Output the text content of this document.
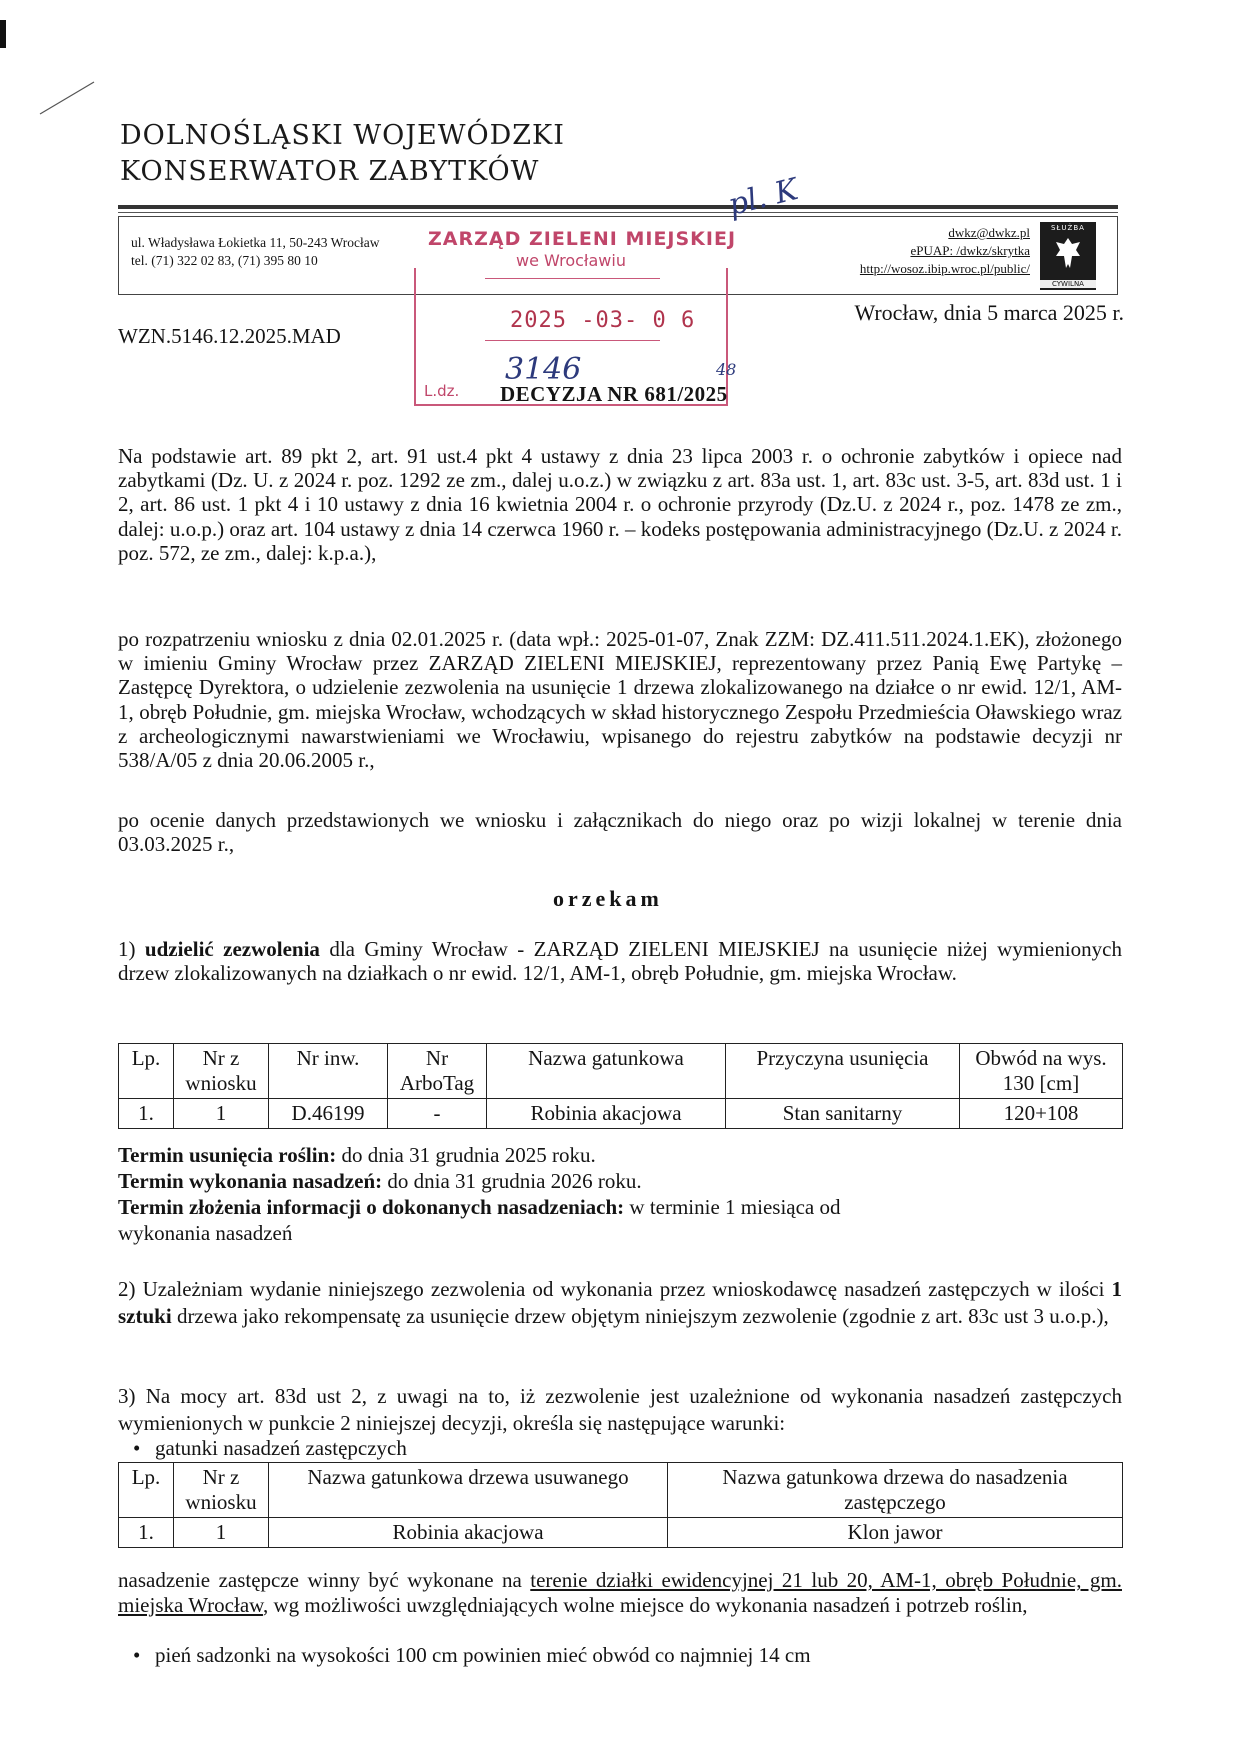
DOLNOŚLĄSKI WOJEWÓDZKI
KONSERWATOR ZABYTKÓW
ul. Władysława Łokietka 11, 50-243 Wrocław
tel. (71) 322 02 83, (71) 395 80 10
dwkz@dwkz.pl
ePUAP: /dwkz/skrytka
http://wosoz.ibip.wroc.pl/public/
SŁUŻBA
CYWILNA
ZARZĄD ZIELENI MIEJSKIEJ
we Wrocławiu
2025 -03- 0 6
L.dz.
3146
pl. K
48
Wrocław, dnia 5 marca 2025 r.
WZN.5146.12.2025.MAD
DECYZJA NR 681/2025
Na podstawie art. 89 pkt 2, art. 91 ust.4 pkt 4 ustawy z dnia 23 lipca 2003 r. o ochronie zabytków i opiece nad zabytkami (Dz. U. z 2024 r. poz. 1292 ze zm., dalej u.o.z.) w związku z art. 83a ust. 1, art. 83c ust. 3-5, art. 83d ust. 1 i 2, art. 86 ust. 1 pkt 4 i 10 ustawy z dnia 16 kwietnia 2004 r. o ochronie przyrody (Dz.U. z 2024 r., poz. 1478 ze zm., dalej: u.o.p.) oraz art. 104 ustawy z dnia 14 czerwca 1960 r. – kodeks postępowania administracyjnego (Dz.U. z 2024 r. poz. 572, ze zm., dalej: k.p.a.),
po rozpatrzeniu wniosku z dnia 02.01.2025 r. (data wpł.: 2025-01-07, Znak ZZM: DZ.411.511.2024.1.EK), złożonego w imieniu Gminy Wrocław przez ZARZĄD ZIELENI MIEJSKIEJ, reprezentowany przez Panią Ewę Partykę – Zastępcę Dyrektora, o udzielenie zezwolenia na usunięcie 1 drzewa zlokalizowanego na działce o nr ewid. 12/1, AM-1, obręb Południe, gm. miejska Wrocław, wchodzących w skład historycznego Zespołu Przedmieścia Oławskiego wraz z archeologicznymi nawarstwieniami we Wrocławiu, wpisanego do rejestru zabytków na podstawie decyzji nr 538/A/05 z dnia 20.06.2005 r.,
po ocenie danych przedstawionych we wniosku i załącznikach do niego oraz po wizji lokalnej w terenie dnia 03.03.2025 r.,
orzekam
1) udzielić zezwolenia dla Gminy Wrocław - ZARZĄD ZIELENI MIEJSKIEJ na usunięcie niżej wymienionych drzew zlokalizowanych na działkach o nr ewid. 12/1, AM-1, obręb Południe, gm. miejska Wrocław.
Lp.	Nr z wniosku	Nr inw.	Nr ArboTag	Nazwa gatunkowa	Przyczyna usunięcia	Obwód na wys. 130 [cm]
1.	1	D.46199	-	Robinia akacjowa	Stan sanitarny	120+108
Termin usunięcia roślin: do dnia 31 grudnia 2025 roku.
Termin wykonania nasadzeń: do dnia 31 grudnia 2026 roku.
Termin złożenia informacji o dokonanych nasadzeniach: w terminie 1 miesiąca od
wykonania nasadzeń
2) Uzależniam wydanie niniejszego zezwolenia od wykonania przez wnioskodawcę nasadzeń zastępczych w ilości 1 sztuki drzewa jako rekompensatę za usunięcie drzew objętym niniejszym zezwolenie (zgodnie z art. 83c ust 3 u.o.p.),
3) Na mocy art. 83d ust 2, z uwagi na to, iż zezwolenie jest uzależnione od wykonania nasadzeń zastępczych wymienionych w punkcie 2 niniejszej decyzji, określa się następujące warunki:
• gatunki nasadzeń zastępczych
Lp.	Nr z wniosku	Nazwa gatunkowa drzewa usuwanego	Nazwa gatunkowa drzewa do nasadzenia zastępczego
1.	1	Robinia akacjowa	Klon jawor
nasadzenie zastępcze winny być wykonane na terenie działki ewidencyjnej 21 lub 20, AM-1, obręb Południe, gm. miejska Wrocław, wg możliwości uwzględniających wolne miejsce do wykonania nasadzeń i potrzeb roślin,
• pień sadzonki na wysokości 100 cm powinien mieć obwód co najmniej 14 cm
